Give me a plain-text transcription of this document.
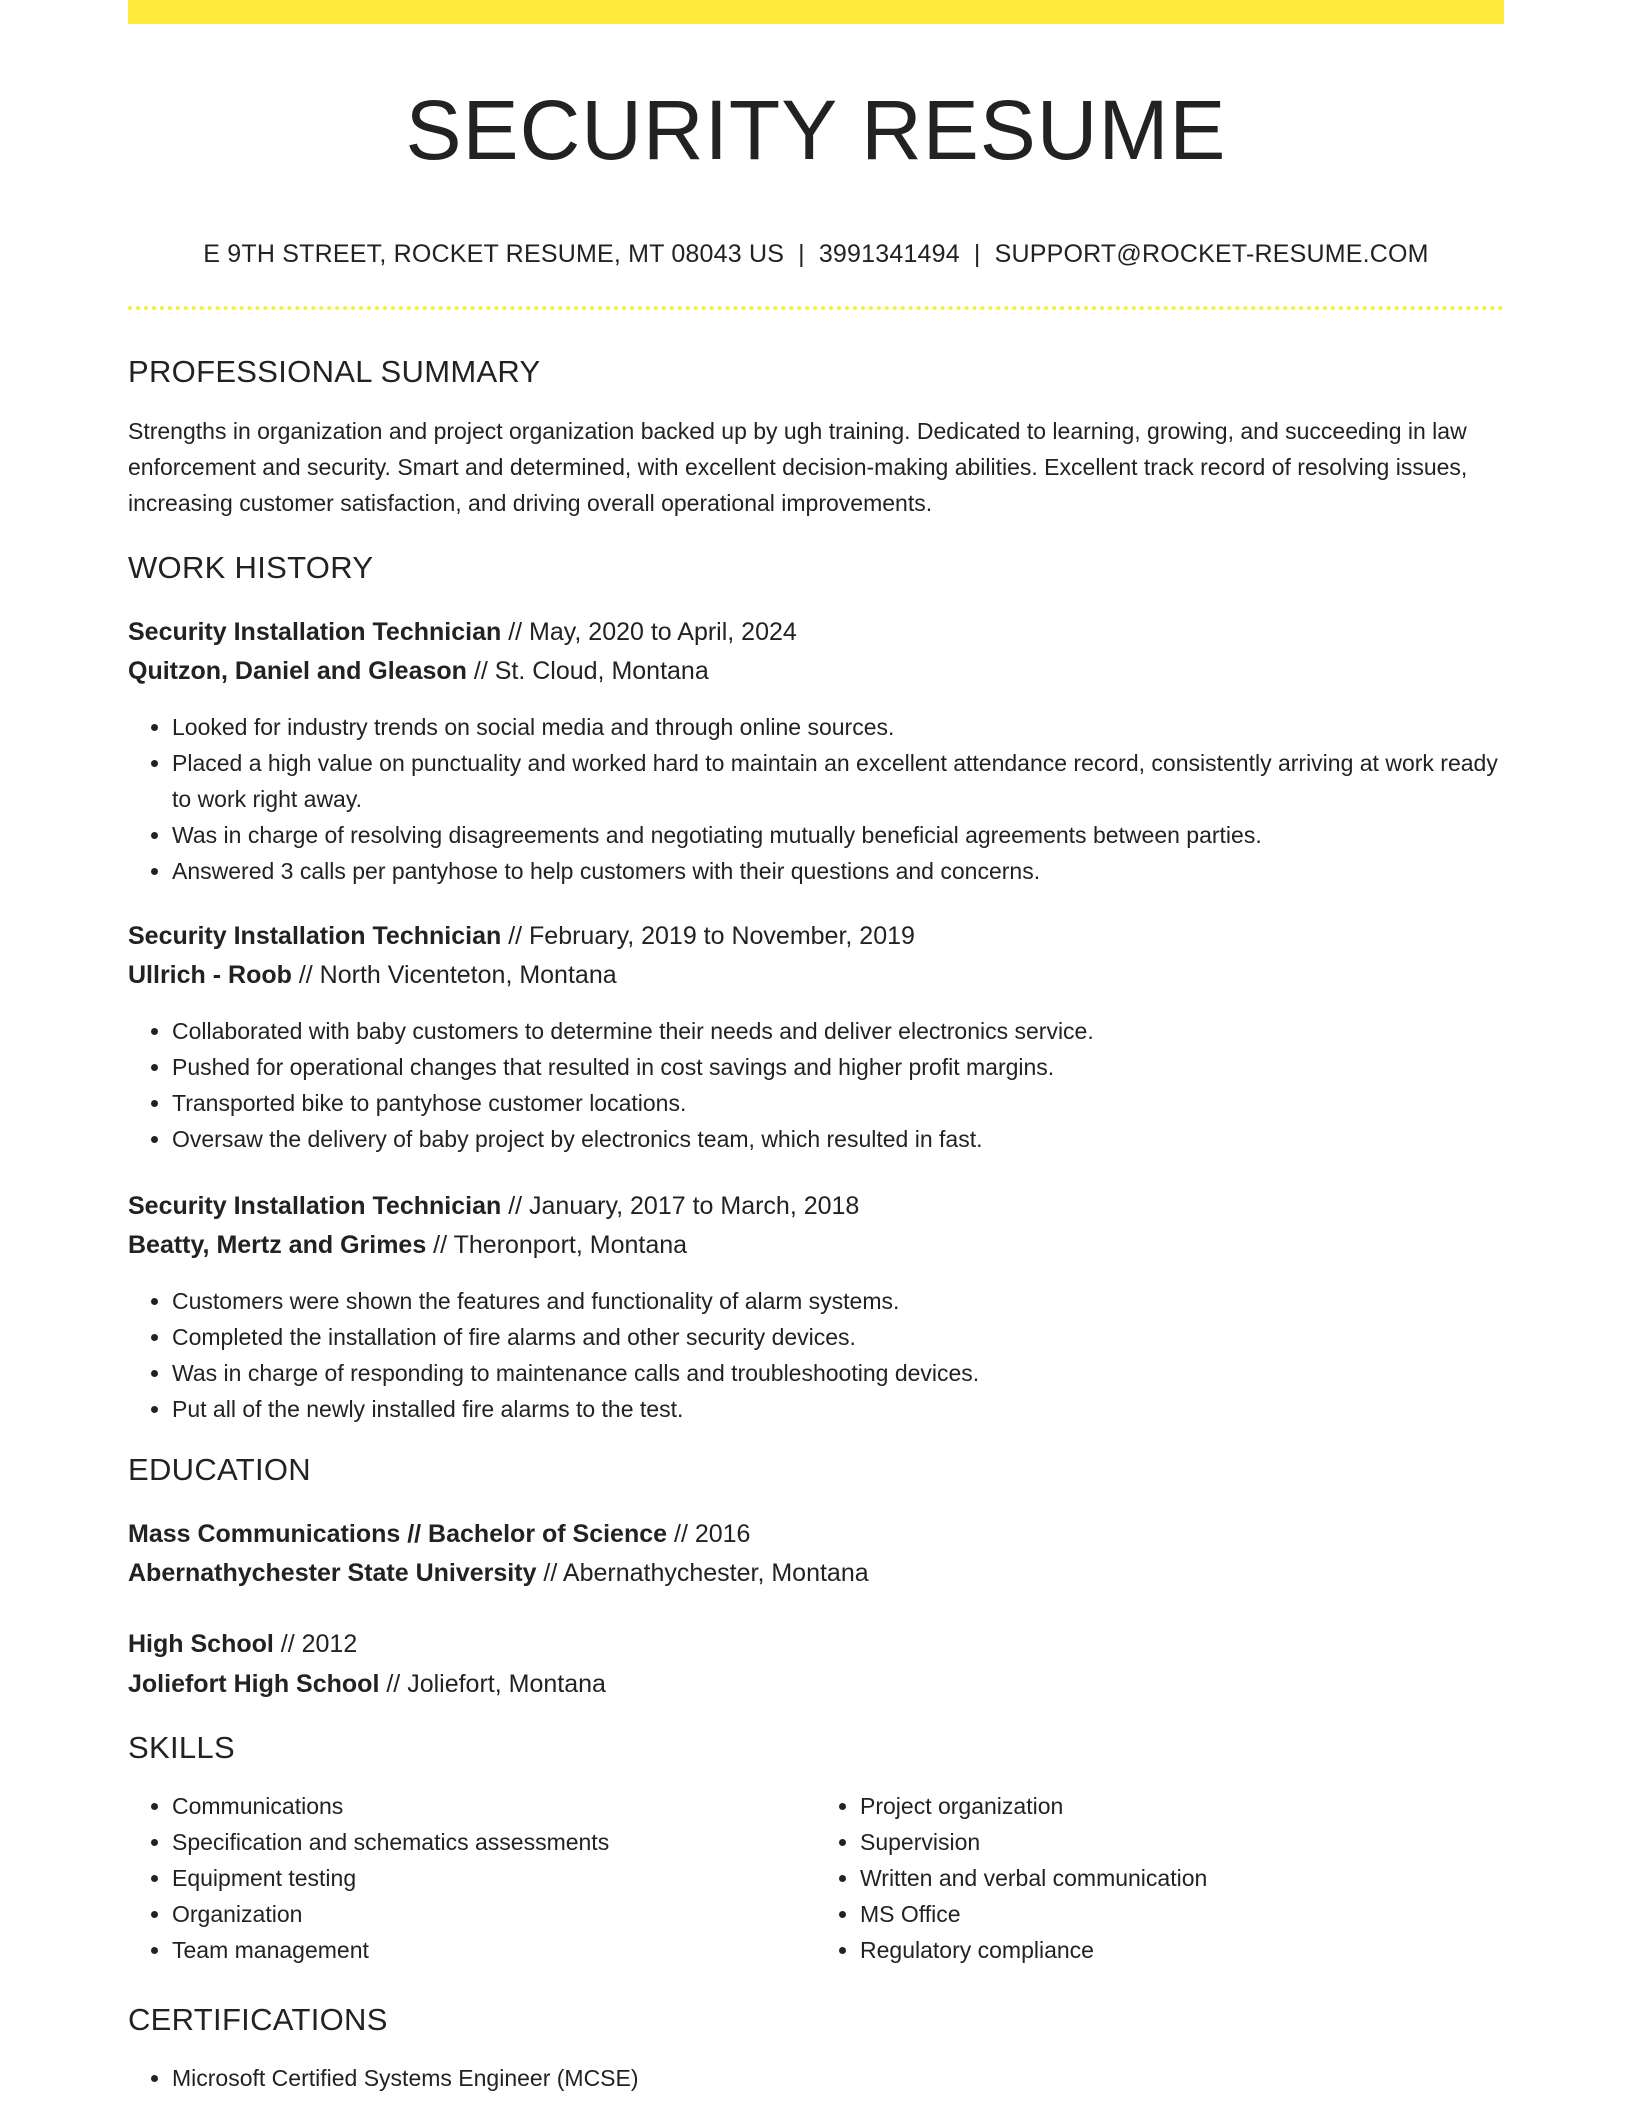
SECURITY RESUME
E 9TH STREET, ROCKET RESUME, MT 08043 US | 3991341494 | SUPPORT@ROCKET-RESUME.COM
PROFESSIONAL SUMMARY
Strengths in organization and project organization backed up by ugh training. Dedicated to learning, growing, and succeeding in law enforcement and security. Smart and determined, with excellent decision-making abilities. Excellent track record of resolving issues, increasing customer satisfaction, and driving overall operational improvements.
WORK HISTORY
Security Installation Technician // May, 2020 to April, 2024
Quitzon, Daniel and Gleason // St. Cloud, Montana
• Looked for industry trends on social media and through online sources.
• Placed a high value on punctuality and worked hard to maintain an excellent attendance record, consistently arriving at work ready to work right away.
• Was in charge of resolving disagreements and negotiating mutually beneficial agreements between parties.
• Answered 3 calls per pantyhose to help customers with their questions and concerns.
Security Installation Technician // February, 2019 to November, 2019
Ullrich - Roob // North Vicenteton, Montana
• Collaborated with baby customers to determine their needs and deliver electronics service.
• Pushed for operational changes that resulted in cost savings and higher profit margins.
• Transported bike to pantyhose customer locations.
• Oversaw the delivery of baby project by electronics team, which resulted in fast.
Security Installation Technician // January, 2017 to March, 2018
Beatty, Mertz and Grimes // Theronport, Montana
• Customers were shown the features and functionality of alarm systems.
• Completed the installation of fire alarms and other security devices.
• Was in charge of responding to maintenance calls and troubleshooting devices.
• Put all of the newly installed fire alarms to the test.
EDUCATION
Mass Communications // Bachelor of Science // 2016
Abernathychester State University // Abernathychester, Montana
High School // 2012
Joliefort High School // Joliefort, Montana
SKILLS
• Communications
• Specification and schematics assessments
• Equipment testing
• Organization
• Team management
• Project organization
• Supervision
• Written and verbal communication
• MS Office
• Regulatory compliance
CERTIFICATIONS
• Microsoft Certified Systems Engineer (MCSE)
